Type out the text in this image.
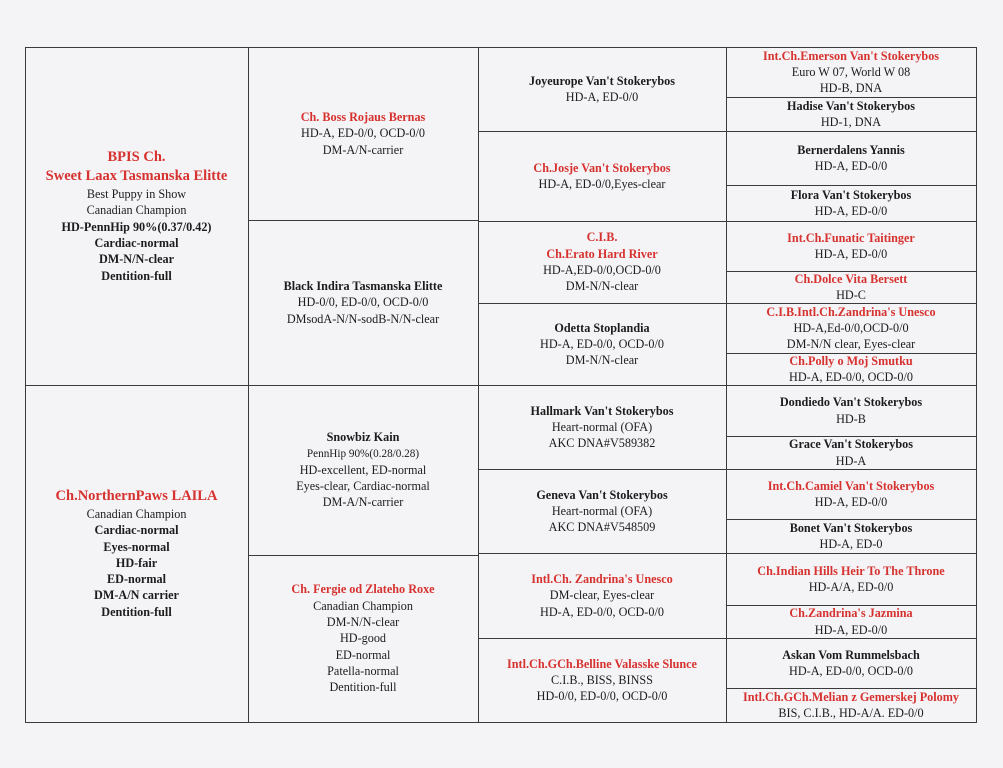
BPIS Ch.
Sweet Laax Tasmanska Elitte
Best Puppy in Show
Canadian Champion
HD-PennHip 90%(0.37/0.42)
Cardiac-normal
DM-N/N-clear
Dentition-full
Ch.NorthernPaws LAILA
Canadian Champion
Cardiac-normal
Eyes-normal
HD-fair
ED-normal
DM-A/N carrier
Dentition-full
Ch. Boss Rojaus Bernas
HD-A, ED-0/0, OCD-0/0
DM-A/N-carrier
Black Indira Tasmanska Elitte
HD-0/0, ED-0/0, OCD-0/0
DMsodA-N/N-sodB-N/N-clear
Snowbiz Kain
PennHip 90%(0.28/0.28)
HD-excellent, ED-normal
Eyes-clear, Cardiac-normal
DM-A/N-carrier
Ch. Fergie od Zlateho Roxe
Canadian Champion
DM-N/N-clear
HD-good
ED-normal
Patella-normal
Dentition-full
Joyeurope Van't Stokerybos
HD-A, ED-0/0
Ch.Josje Van't Stokerybos
HD-A, ED-0/0,Eyes-clear
C.I.B.
Ch.Erato Hard River
HD-A,ED-0/0,OCD-0/0
DM-N/N-clear
Odetta Stoplandia
HD-A, ED-0/0, OCD-0/0
DM-N/N-clear
Hallmark Van't Stokerybos
Heart-normal (OFA)
AKC DNA#V589382
Geneva Van't Stokerybos
Heart-normal (OFA)
AKC DNA#V548509
Intl.Ch. Zandrina's Unesco
DM-clear, Eyes-clear
HD-A, ED-0/0, OCD-0/0
Intl.Ch.GCh.Belline Valasske Slunce
C.I.B., BISS, BINSS
HD-0/0, ED-0/0, OCD-0/0
Int.Ch.Emerson Van't Stokerybos
Euro W 07, World W 08
HD-B, DNA
Hadise Van't Stokerybos
HD-1, DNA
Bernerdalens Yannis
HD-A, ED-0/0
Flora Van't Stokerybos
HD-A, ED-0/0
Int.Ch.Funatic Taitinger
HD-A, ED-0/0
Ch.Dolce Vita Bersett
HD-C
C.I.B.Intl.Ch.Zandrina's Unesco
HD-A,Ed-0/0,OCD-0/0
DM-N/N clear, Eyes-clear
Ch.Polly o Moj Smutku
HD-A, ED-0/0, OCD-0/0
Dondiedo Van't Stokerybos
HD-B
Grace Van't Stokerybos
HD-A
Int.Ch.Camiel Van't Stokerybos
HD-A, ED-0/0
Bonet Van't Stokerybos
HD-A, ED-0
Ch.Indian Hills Heir To The Throne
HD-A/A, ED-0/0
Ch.Zandrina's Jazmina
HD-A, ED-0/0
Askan Vom Rummelsbach
HD-A, ED-0/0, OCD-0/0
Intl.Ch.GCh.Melian z Gemerskej Polomy
BIS, C.I.B., HD-A/A. ED-0/0
